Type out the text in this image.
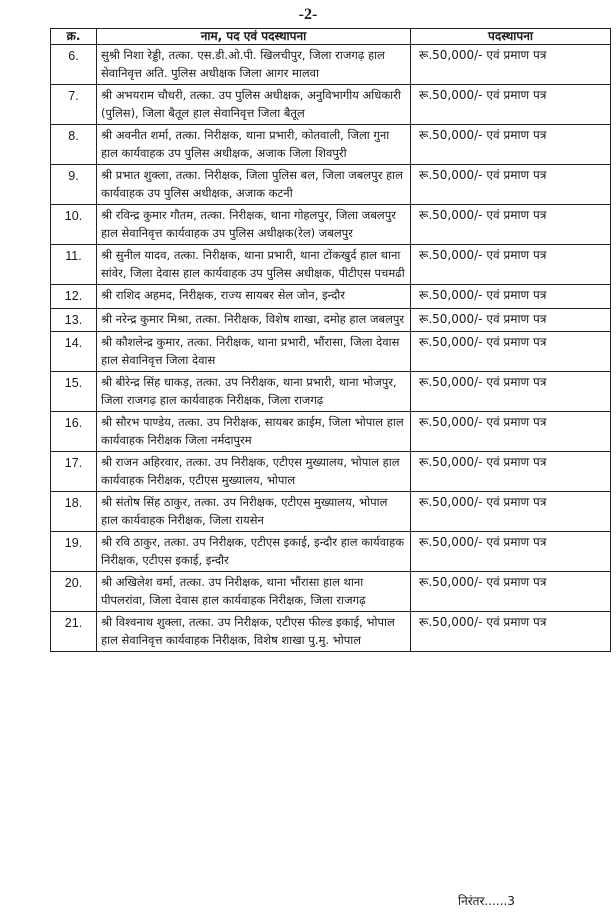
-2-
क्र.	नाम, पद एवं पदस्थापना	पदस्थापना
6.	सुश्री निशा रेड्डी, तत्का. एस.डी.ओ.पी. खिलचीपुर, जिला राजगढ़ हाल सेवानिवृत्त अति. पुलिस अधीक्षक जिला आगर मालवा	रू.50,000/- एवं प्रमाण पत्र
7.	श्री अभयराम चौधरी, तत्का. उप पुलिस अधीक्षक, अनुविभागीय अधिकारी (पुलिस), जिला बैतूल हाल सेवानिवृत्त जिला बैतूल	रू.50,000/- एवं प्रमाण पत्र
8.	श्री अवनीत शर्मा, तत्का. निरीक्षक, थाना प्रभारी, कोतवाली, जिला गुना हाल कार्यवाहक उप पुलिस अधीक्षक, अजाक जिला शिवपुरी	रू.50,000/- एवं प्रमाण पत्र
9.	श्री प्रभात शुक्ला, तत्का. निरीक्षक, जिला पुलिस बल, जिला जबलपुर हाल कार्यवाहक उप पुलिस अधीक्षक, अजाक कटनी	रू.50,000/- एवं प्रमाण पत्र
10.	श्री रविन्द्र कुमार गौतम, तत्का. निरीक्षक, थाना गोहलपुर, जिला जबलपुर हाल सेवानिवृत्त कार्यवाहक उप पुलिस अधीक्षक(रेल) जबलपुर	रू.50,000/- एवं प्रमाण पत्र
11.	श्री सुनील यादव, तत्का. निरीक्षक, थाना प्रभारी, थाना टोंकखुर्द हाल थाना सांवेर, जिला देवास हाल कार्यवाहक उप पुलिस अधीक्षक, पीटीएस पचमढी	रू.50,000/- एवं प्रमाण पत्र
12.	श्री राशिद अहमद, निरीक्षक, राज्य सायबर सेल जोन, इन्दौर	रू.50,000/- एवं प्रमाण पत्र
13.	श्री नरेन्द्र कुमार मिश्रा, तत्का. निरीक्षक, विशेष शाखा, दमोह हाल जबलपुर	रू.50,000/- एवं प्रमाण पत्र
14.	श्री कौशलेन्द्र कुमार, तत्का. निरीक्षक, थाना प्रभारी, भौंरासा, जिला देवास हाल सेवानिवृत्त जिला देवास	रू.50,000/- एवं प्रमाण पत्र
15.	श्री बीरेन्द्र सिंह धाकड़, तत्का. उप निरीक्षक, थाना प्रभारी, थाना भोजपुर, जिला राजगढ़ हाल कार्यवाहक निरीक्षक, जिला राजगढ़	रू.50,000/- एवं प्रमाण पत्र
16.	श्री सौरभ पाण्डेय, तत्का. उप निरीक्षक, सायबर क्राईम, जिला भोपाल हाल कार्यवाहक निरीक्षक जिला नर्मदापुरम	रू.50,000/- एवं प्रमाण पत्र
17.	श्री राजन अहिरवार, तत्का. उप निरीक्षक, एटीएस मुख्यालय, भोपाल हाल कार्यवाहक निरीक्षक, एटीएस मुख्यालय, भोपाल	रू.50,000/- एवं प्रमाण पत्र
18.	श्री संतोष सिंह ठाकुर, तत्का. उप निरीक्षक, एटीएस मुख्यालय, भोपाल हाल कार्यवाहक निरीक्षक, जिला रायसेन	रू.50,000/- एवं प्रमाण पत्र
19.	श्री रवि ठाकुर, तत्का. उप निरीक्षक, एटीएस इकाई, इन्दौर हाल कार्यवाहक निरीक्षक, एटीएस इकाई, इन्दौर	रू.50,000/- एवं प्रमाण पत्र
20.	श्री अखिलेश वर्मा, तत्का. उप निरीक्षक, थाना भौंरासा हाल थाना पीपलरांवा, जिला देवास हाल कार्यवाहक निरीक्षक, जिला राजगढ़	रू.50,000/- एवं प्रमाण पत्र
21.	श्री विश्वनाथ शुक्ला, तत्का. उप निरीक्षक, एटीएस फील्ड इकाई, भोपाल हाल सेवानिवृत्त कार्यवाहक निरीक्षक, विशेष शाखा पु.मु. भोपाल	रू.50,000/- एवं प्रमाण पत्र
निरंतर......3
